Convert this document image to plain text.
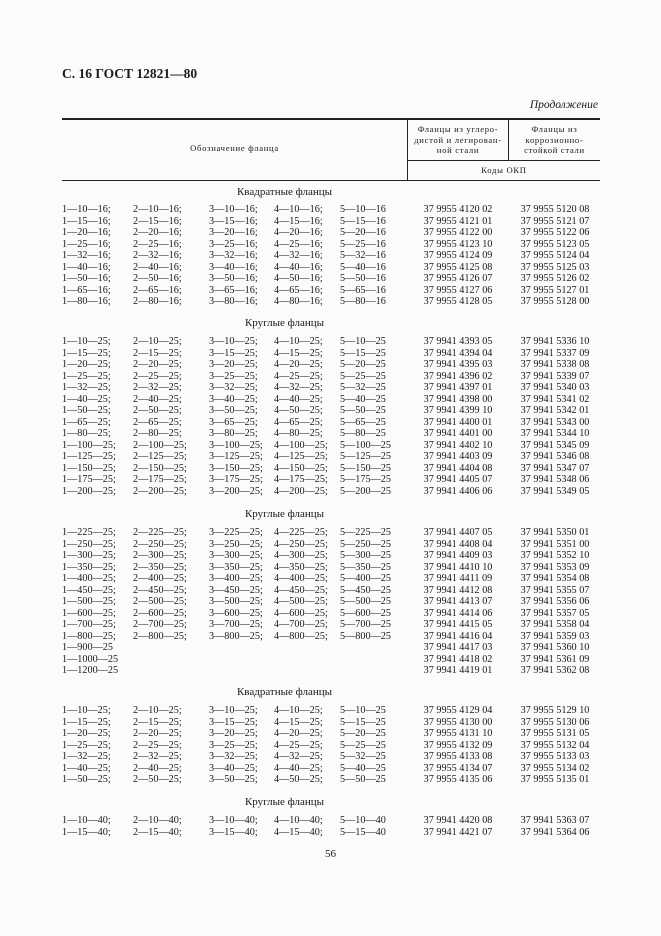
С. 16 ГОСТ 12821—80
Продолжение
Обозначение фланца
Фланцы из углеро-
дистой и легирован-
ной стали
Фланцы из
коррозионно-
стойкой стали
Коды ОКП
Квадратные фланцы
1—10—16; 2—10—16;	3—10—16; 4—10—16; 5—10—16	37 9955 4120 02	37 9955 5120 08
1—15—16; 2—15—16;	3—15—16; 4—15—16; 5—15—16	37 9955 4121 01	37 9955 5121 07
1—20—16; 2—20—16;	3—20—16; 4—20—16; 5—20—16	37 9955 4122 00	37 9955 5122 06
1—25—16; 2—25—16;	3—25—16; 4—25—16; 5—25—16	37 9955 4123 10	37 9955 5123 05
1—32—16; 2—32—16;	3—32—16; 4—32—16; 5—32—16	37 9955 4124 09	37 9955 5124 04
1—40—16; 2—40—16;	3—40—16; 4—40—16; 5—40—16	37 9955 4125 08	37 9955 5125 03
1—50—16; 2—50—16;	3—50—16; 4—50—16; 5—50—16	37 9955 4126 07	37 9955 5126 02
1—65—16; 2—65—16;	3—65—16; 4—65—16; 5—65—16	37 9955 4127 06	37 9955 5127 01
1—80—16; 2—80—16;	3—80—16; 4—80—16; 5—80—16	37 9955 4128 05	37 9955 5128 00
Круглые фланцы
1—10—25; 2—10—25;	3—10—25; 4—10—25; 5—10—25	37 9941 4393 05	37 9941 5336 10
1—15—25; 2—15—25;	3—15—25; 4—15—25; 5—15—25	37 9941 4394 04	37 9941 5337 09
1—20—25; 2—20—25;	3—20—25; 4—20—25; 5—20—25	37 9941 4395 03	37 9941 5338 08
1—25—25; 2—25—25;	3—25—25; 4—25—25; 5—25—25	37 9941 4396 02	37 9941 5339 07
1—32—25; 2—32—25;	3—32—25; 4—32—25; 5—32—25	37 9941 4397 01	37 9941 5340 03
1—40—25; 2—40—25;	3—40—25; 4—40—25; 5—40—25	37 9941 4398 00	37 9941 5341 02
1—50—25; 2—50—25;	3—50—25; 4—50—25; 5—50—25	37 9941 4399 10	37 9941 5342 01
1—65—25; 2—65—25;	3—65—25; 4—65—25; 5—65—25	37 9941 4400 01	37 9941 5343 00
1—80—25; 2—80—25;	3—80—25; 4—80—25; 5—80—25	37 9941 4401 00	37 9941 5344 10
1—100—25; 2—100—25; 3—100—25; 4—100—25; 5—100—25	37 9941 4402 10	37 9941 5345 09
1—125—25; 2—125—25; 3—125—25; 4—125—25; 5—125—25	37 9941 4403 09	37 9941 5346 08
1—150—25; 2—150—25; 3—150—25; 4—150—25; 5—150—25	37 9941 4404 08	37 9941 5347 07
1—175—25; 2—175—25; 3—175—25; 4—175—25; 5—175—25	37 9941 4405 07	37 9941 5348 06
1—200—25; 2—200—25; 3—200—25; 4—200—25; 5—200—25	37 9941 4406 06	37 9941 5349 05
Круглые фланцы
1—225—25; 2—225—25; 3—225—25; 4—225—25; 5—225—25	37 9941 4407 05	37 9941 5350 01
1—250—25; 2—250—25; 3—250—25; 4—250—25; 5—250—25	37 9941 4408 04	37 9941 5351 00
1—300—25; 2—300—25; 3—300—25; 4—300—25; 5—300—25	37 9941 4409 03	37 9941 5352 10
1—350—25; 2—350—25; 3—350—25; 4—350—25; 5—350—25	37 9941 4410 10	37 9941 5353 09
1—400—25; 2—400—25; 3—400—25; 4—400—25; 5—400—25	37 9941 4411 09	37 9941 5354 08
1—450—25; 2—450—25; 3—450—25; 4—450—25; 5—450—25	37 9941 4412 08	37 9941 5355 07
1—500—25; 2—500—25; 3—500—25; 4—500—25; 5—500—25	37 9941 4413 07	37 9941 5356 06
1—600—25; 2—600—25; 3—600—25; 4—600—25; 5—600—25	37 9941 4414 06	37 9941 5357 05
1—700—25; 2—700—25; 3—700—25; 4—700—25; 5—700—25	37 9941 4415 05	37 9941 5358 04
1—800—25; 2—800—25; 3—800—25; 4—800—25; 5—800—25	37 9941 4416 04	37 9941 5359 03
1—900—25	37 9941 4417 03	37 9941 5360 10
1—1000—25	37 9941 4418 02	37 9941 5361 09
1—1200—25	37 9941 4419 01	37 9941 5362 08
Квадратные фланцы
1—10—25; 2—10—25;	3—10—25; 4—10—25; 5—10—25	37 9955 4129 04	37 9955 5129 10
1—15—25; 2—15—25;	3—15—25; 4—15—25; 5—15—25	37 9955 4130 00	37 9955 5130 06
1—20—25; 2—20—25;	3—20—25; 4—20—25; 5—20—25	37 9955 4131 10	37 9955 5131 05
1—25—25; 2—25—25;	3—25—25; 4—25—25; 5—25—25	37 9955 4132 09	37 9955 5132 04
1—32—25; 2—32—25;	3—32—25; 4—32—25; 5—32—25	37 9955 4133 08	37 9955 5133 03
1—40—25; 2—40—25;	3—40—25; 4—40—25; 5—40—25	37 9955 4134 07	37 9955 5134 02
1—50—25; 2—50—25;	3—50—25; 4—50—25; 5—50—25	37 9955 4135 06	37 9955 5135 01
Круглые фланцы
1—10—40; 2—10—40;	3—10—40; 4—10—40; 5—10—40	37 9941 4420 08	37 9941 5363 07
1—15—40; 2—15—40;	3—15—40; 4—15—40; 5—15—40	37 9941 4421 07	37 9941 5364 06
56
